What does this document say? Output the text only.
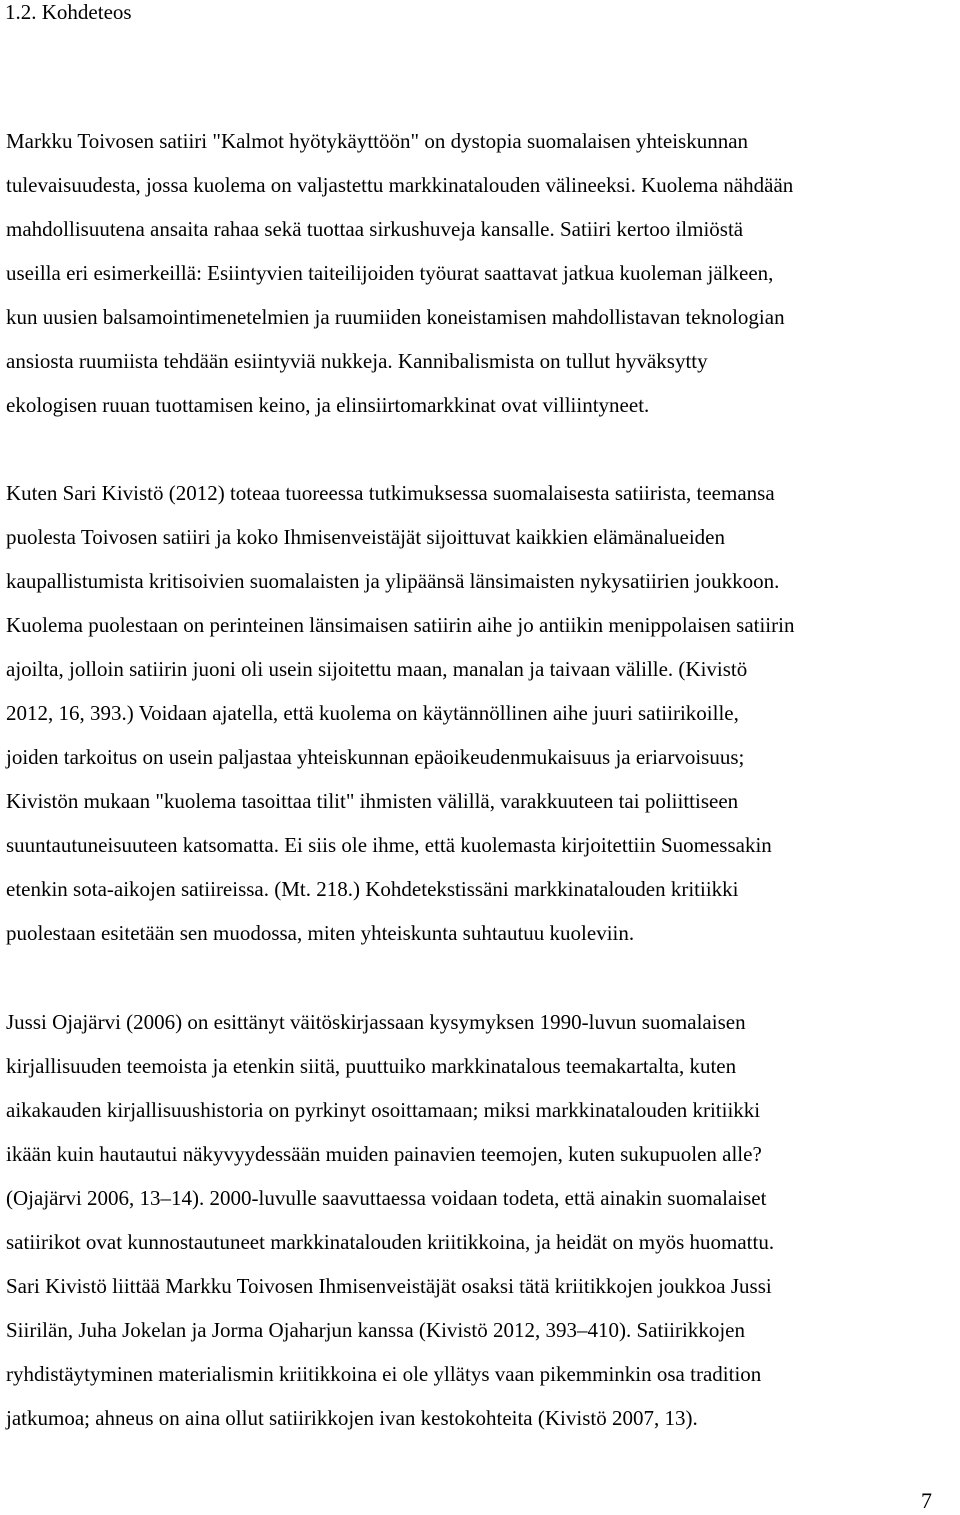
1.2. Kohdeteos
Markku Toivosen satiiri "Kalmot hyötykäyttöön" on dystopia suomalaisen yhteiskunnan
tulevaisuudesta, jossa kuolema on valjastettu markkinatalouden välineeksi. Kuolema nähdään
mahdollisuutena ansaita rahaa sekä tuottaa sirkushuveja kansalle. Satiiri kertoo ilmiöstä
useilla eri esimerkeillä: Esiintyvien taiteilijoiden työurat saattavat jatkua kuoleman jälkeen,
kun uusien balsamointimenetelmien ja ruumiiden koneistamisen mahdollistavan teknologian
ansiosta ruumiista tehdään esiintyviä nukkeja. Kannibalismista on tullut hyväksytty
ekologisen ruuan tuottamisen keino, ja elinsiirtomarkkinat ovat villiintyneet.
Kuten Sari Kivistö (2012) toteaa tuoreessa tutkimuksessa suomalaisesta satiirista, teemansa
puolesta Toivosen satiiri ja koko Ihmisenveistäjät sijoittuvat kaikkien elämänalueiden
kaupallistumista kritisoivien suomalaisten ja ylipäänsä länsimaisten nykysatiirien joukkoon.
Kuolema puolestaan on perinteinen länsimaisen satiirin aihe jo antiikin menippolaisen satiirin
ajoilta, jolloin satiirin juoni oli usein sijoitettu maan, manalan ja taivaan välille. (Kivistö
2012, 16, 393.) Voidaan ajatella, että kuolema on käytännöllinen aihe juuri satiirikoille,
joiden tarkoitus on usein paljastaa yhteiskunnan epäoikeudenmukaisuus ja eriarvoisuus;
Kivistön mukaan "kuolema tasoittaa tilit" ihmisten välillä, varakkuuteen tai poliittiseen
suuntautuneisuuteen katsomatta. Ei siis ole ihme, että kuolemasta kirjoitettiin Suomessakin
etenkin sota-aikojen satiireissa. (Mt. 218.) Kohdetekstissäni markkinatalouden kritiikki
puolestaan esitetään sen muodossa, miten yhteiskunta suhtautuu kuoleviin.
Jussi Ojajärvi (2006) on esittänyt väitöskirjassaan kysymyksen 1990-luvun suomalaisen
kirjallisuuden teemoista ja etenkin siitä, puuttuiko markkinatalous teemakartalta, kuten
aikakauden kirjallisuushistoria on pyrkinyt osoittamaan; miksi markkinatalouden kritiikki
ikään kuin hautautui näkyvyydessään muiden painavien teemojen, kuten sukupuolen alle?
(Ojajärvi 2006, 13–14). 2000-luvulle saavuttaessa voidaan todeta, että ainakin suomalaiset
satiirikot ovat kunnostautuneet markkinatalouden kriitikkoina, ja heidät on myös huomattu.
Sari Kivistö liittää Markku Toivosen Ihmisenveistäjät osaksi tätä kriitikkojen joukkoa Jussi
Siirilän, Juha Jokelan ja Jorma Ojaharjun kanssa (Kivistö 2012, 393–410). Satiirikkojen
ryhdistäytyminen materialismin kriitikkoina ei ole yllätys vaan pikemminkin osa tradition
jatkumoa; ahneus on aina ollut satiirikkojen ivan kestokohteita (Kivistö 2007, 13).
7
